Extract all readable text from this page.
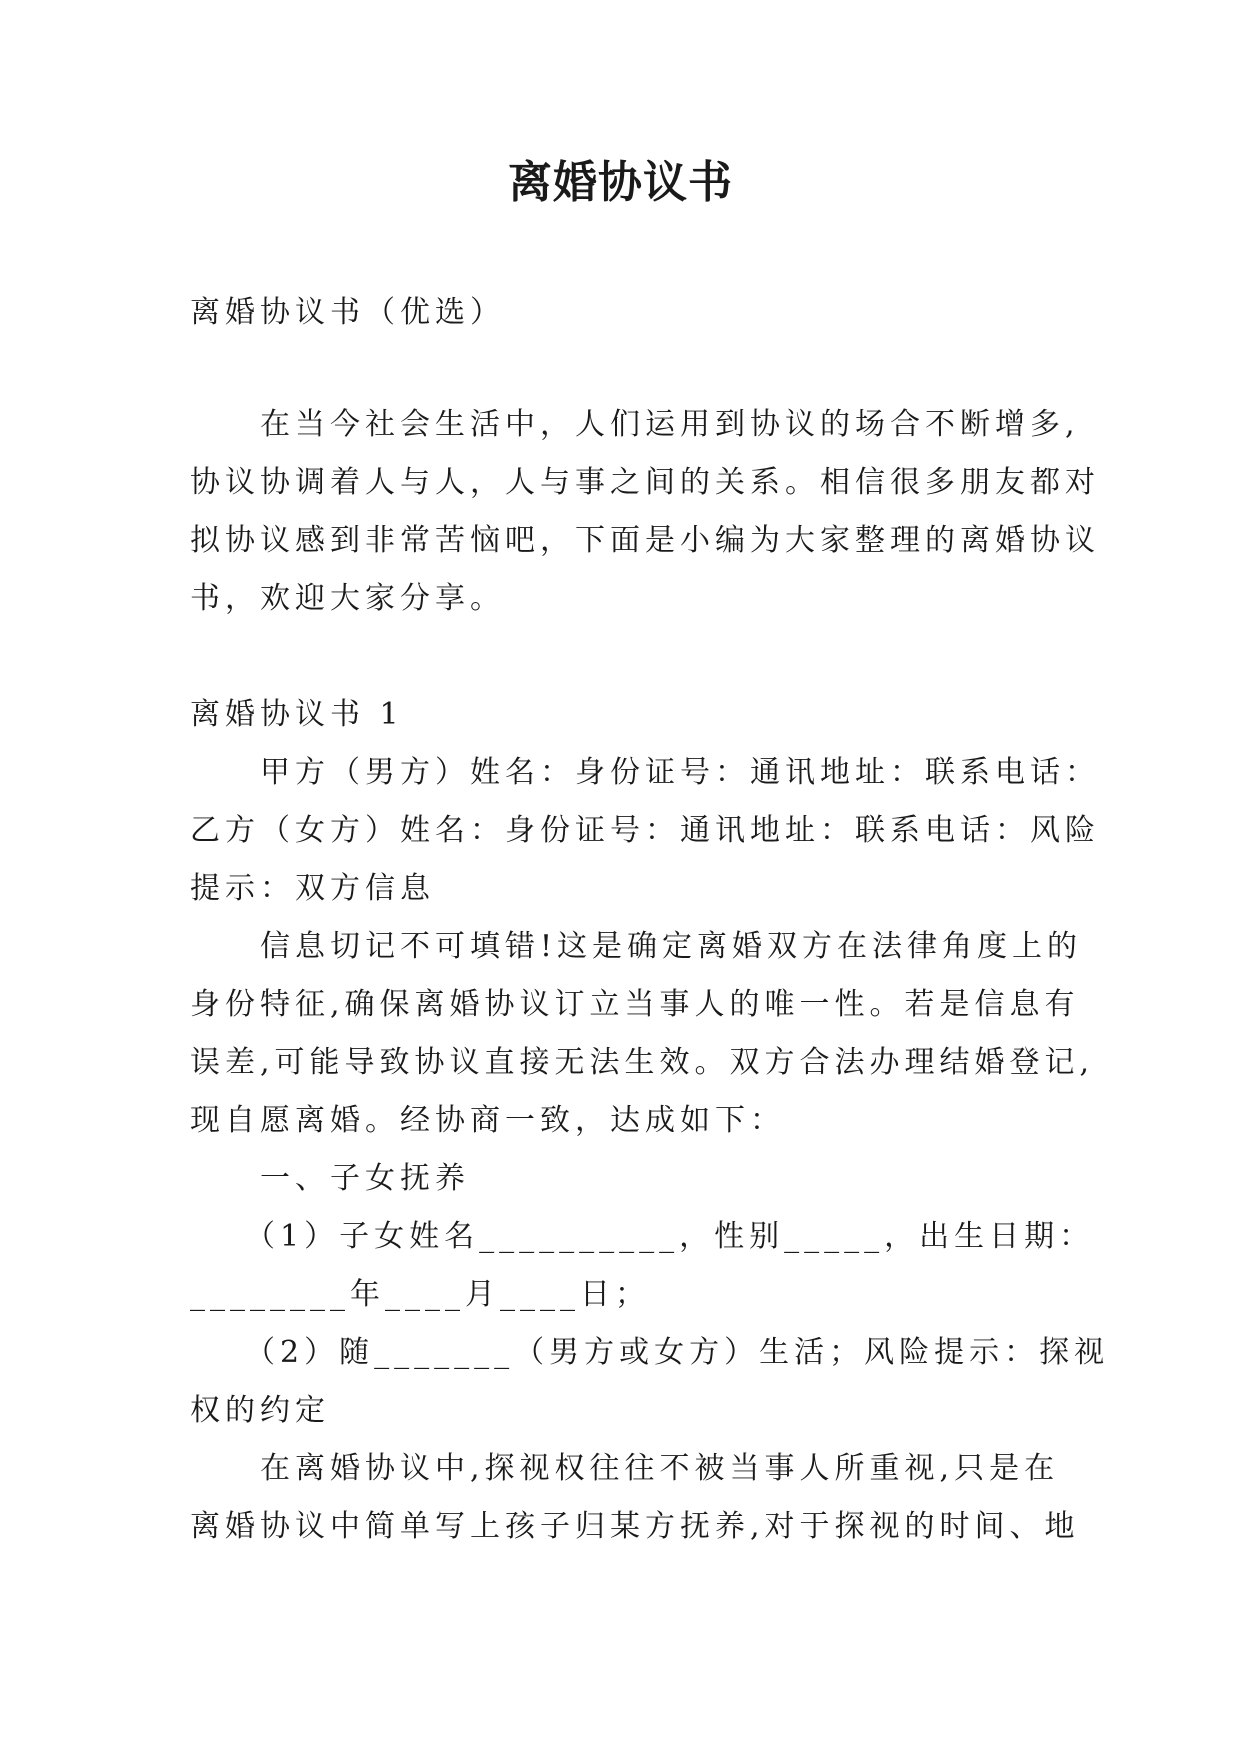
离婚协议书

离婚协议书（优选）

　　在当今社会生活中，人们运用到协议的场合不断增多,

协议协调着人与人，人与事之间的关系。相信很多朋友都对

拟协议感到非常苦恼吧，下面是小编为大家整理的离婚协议

书，欢迎大家分享。

离婚协议书 1

　　甲方（男方）姓名：身份证号：通讯地址：联系电话：

乙方（女方）姓名：身份证号：通讯地址：联系电话：风险

提示：双方信息

　　信息切记不可填错!这是确定离婚双方在法律角度上的

身份特征,确保离婚协议订立当事人的唯一性。若是信息有

误差,可能导致协议直接无法生效。双方合法办理结婚登记,

现自愿离婚。经协商一致，达成如下：

　　一、子女抚养

　　（1）子女姓名__________，性别_____，出生日期：

________年____月____日；

　　（2）随_______（男方或女方）生活；风险提示：探视

权的约定

　　在离婚协议中,探视权往往不被当事人所重视,只是在

离婚协议中简单写上孩子归某方抚养,对于探视的时间、地
